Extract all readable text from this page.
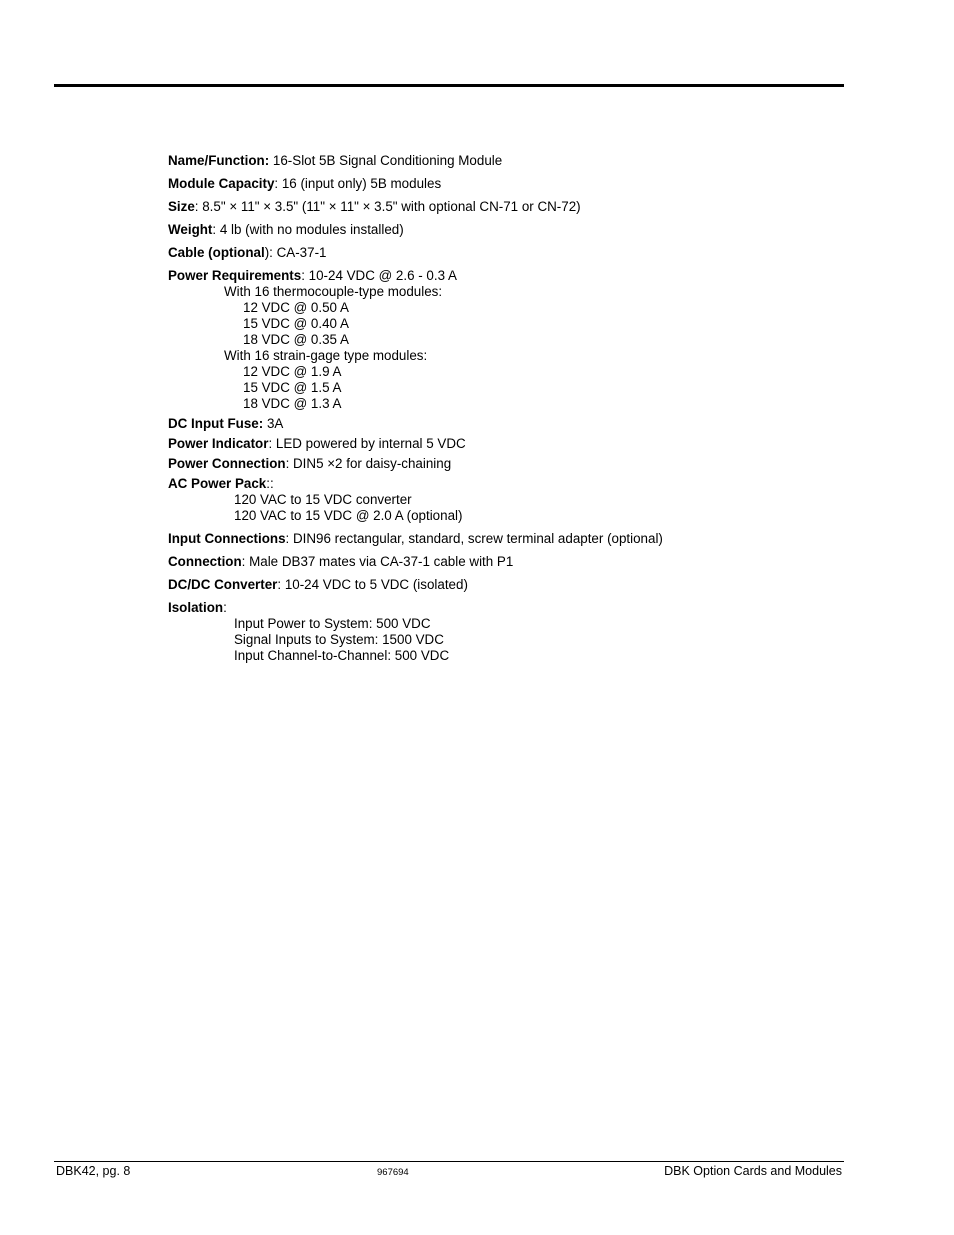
Name/Function: 16-Slot 5B Signal Conditioning Module
Module Capacity: 16 (input only) 5B modules
Size: 8.5" × 11" × 3.5" (11" × 11" × 3.5" with optional CN-71 or CN-72)
Weight: 4 lb (with no modules installed)
Cable (optional): CA-37-1
Power Requirements: 10-24 VDC @ 2.6 - 0.3 A
With 16 thermocouple-type modules:
12 VDC @ 0.50 A
15 VDC @ 0.40 A
18 VDC @ 0.35 A
With 16 strain-gage type modules:
12 VDC @ 1.9 A
15 VDC @ 1.5 A
18 VDC @ 1.3 A
DC Input Fuse: 3A
Power Indicator: LED powered by internal 5 VDC
Power Connection: DIN5 ×2 for daisy-chaining
AC Power Pack::
120 VAC to 15 VDC converter
120 VAC to 15 VDC @ 2.0 A (optional)
Input Connections: DIN96 rectangular, standard, screw terminal adapter (optional)
Connection: Male DB37 mates via CA-37-1 cable with P1
DC/DC Converter: 10-24 VDC to 5 VDC (isolated)
Isolation:
Input Power to System: 500 VDC
Signal Inputs to System: 1500 VDC
Input Channel-to-Channel: 500 VDC
DBK42, pg. 8	967694	DBK Option Cards and Modules
